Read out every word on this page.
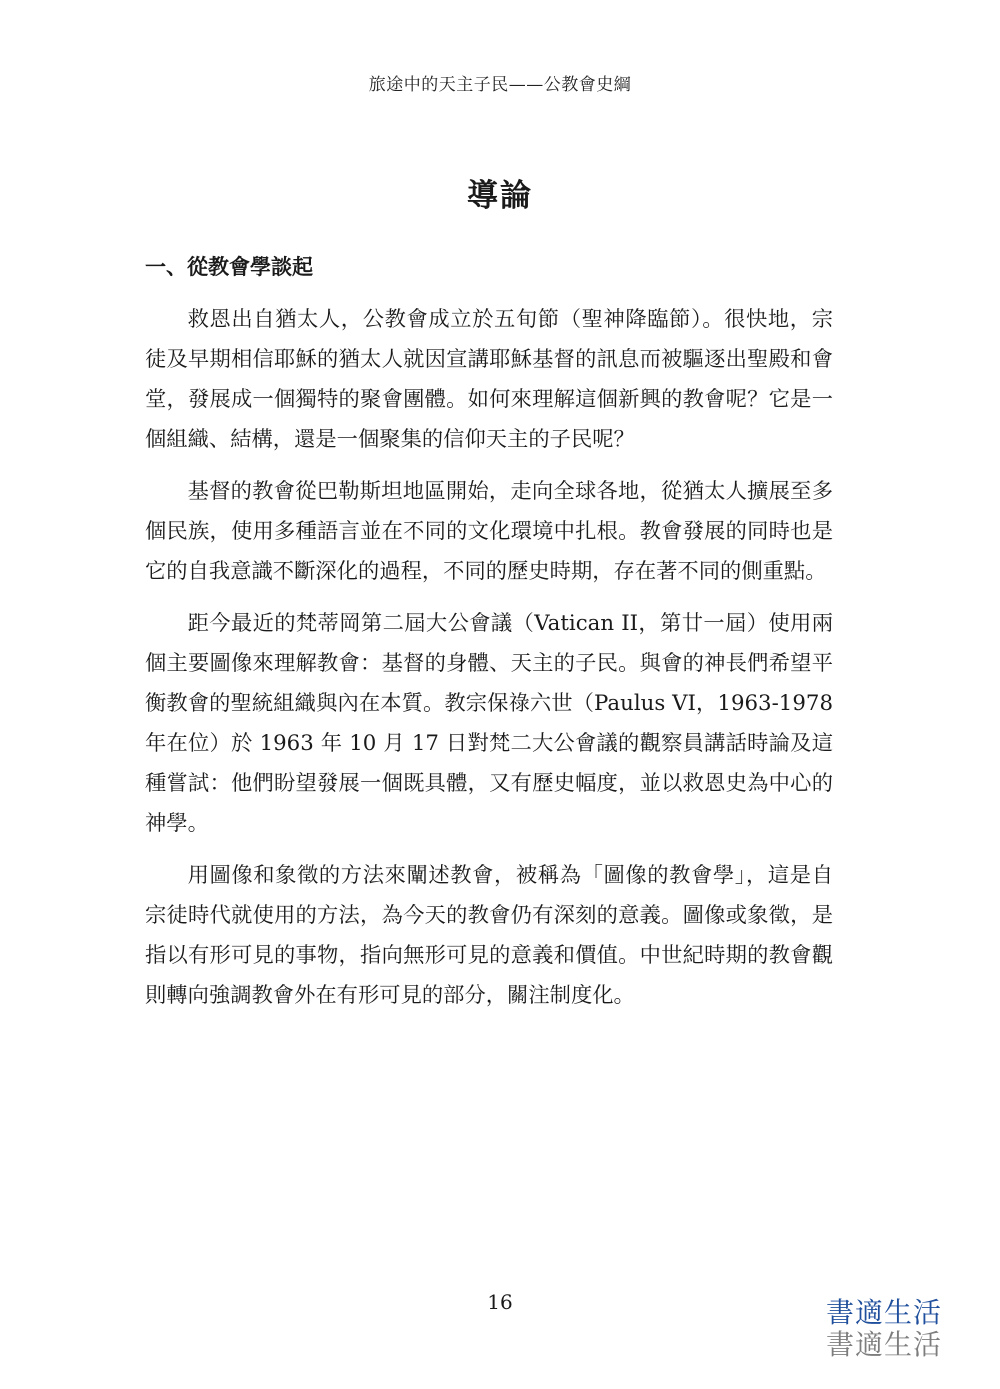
旅途中的天主子民——公教會史綱
導論
一、從教會學談起

救恩出自猶太人，公教會成立於五旬節（聖神降臨節）。很快地，宗徒及早期相信耶穌的猶太人就因宣講耶穌基督的訊息而被驅逐出聖殿和會堂，發展成一個獨特的聚會團體。如何來理解這個新興的教會呢？它是一個組織、結構，還是一個聚集的信仰天主的子民呢？

基督的教會從巴勒斯坦地區開始，走向全球各地，從猶太人擴展至多個民族，使用多種語言並在不同的文化環境中扎根。教會發展的同時也是它的自我意識不斷深化的過程，不同的歷史時期，存在著不同的側重點。

距今最近的梵蒂岡第二屆大公會議（Vatican II，第廿一屆）使用兩個主要圖像來理解教會：基督的身體、天主的子民。與會的神長們希望平衡教會的聖統組織與內在本質。教宗保祿六世（Paulus VI，1963-1978 年在位）於 1963 年 10 月 17 日對梵二大公會議的觀察員講話時論及這種嘗試：他們盼望發展一個既具體，又有歷史幅度，並以救恩史為中心的神學。

用圖像和象徵的方法來闡述教會，被稱為「圖像的教會學」，這是自宗徒時代就使用的方法，為今天的教會仍有深刻的意義。圖像或象徵，是指以有形可見的事物，指向無形可見的意義和價值。中世紀時期的教會觀則轉向強調教會外在有形可見的部分，關注制度化。

16	書適生活
書適生活
